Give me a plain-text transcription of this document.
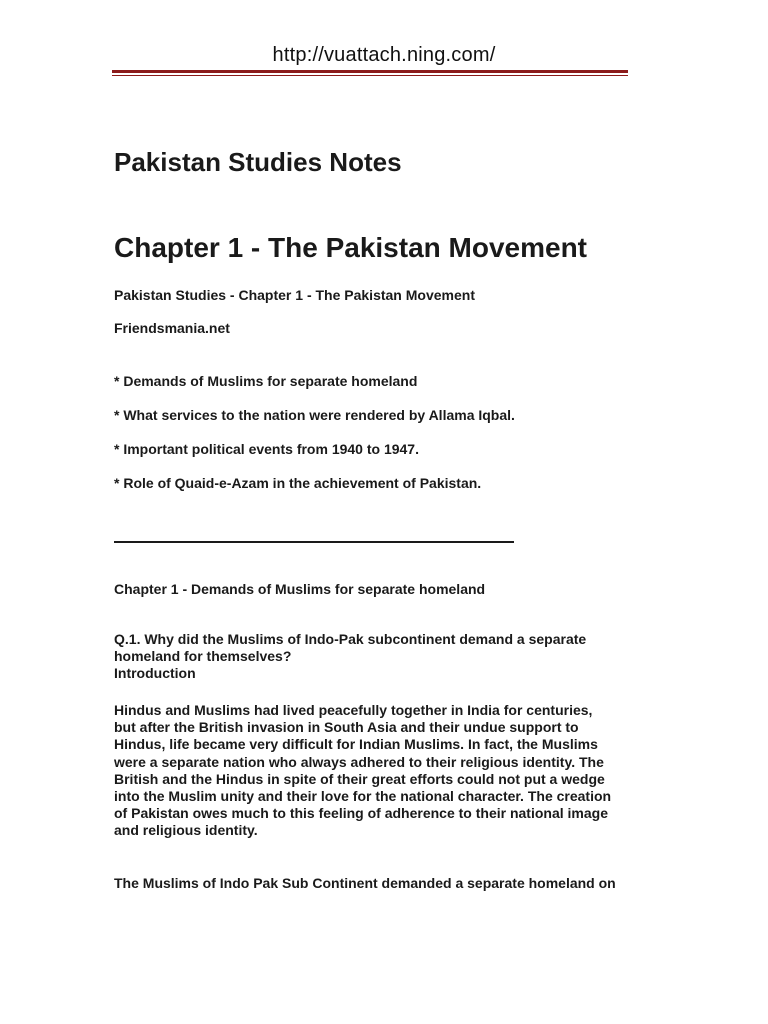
http://vuattach.ning.com/
Pakistan Studies Notes
Chapter 1 - The Pakistan Movement
Pakistan Studies - Chapter 1 - The Pakistan Movement
Friendsmania.net
* Demands of Muslims for separate homeland
* What services to the nation were rendered by Allama Iqbal.
* Important political events from 1940 to 1947.
* Role of Quaid-e-Azam in the achievement of Pakistan.
Chapter 1 - Demands of Muslims for separate homeland
Q.1. Why did the Muslims of Indo-Pak subcontinent demand a separate
homeland for themselves?
Introduction
Hindus and Muslims had lived peacefully together in India for centuries,
but after the British invasion in South Asia and their undue support to
Hindus, life became very difficult for Indian Muslims. In fact, the Muslims
were a separate nation who always adhered to their religious identity. The
British and the Hindus in spite of their great efforts could not put a wedge
into the Muslim unity and their love for the national character. The creation
of Pakistan owes much to this feeling of adherence to their national image
and religious identity.
The Muslims of Indo Pak Sub Continent demanded a separate homeland on
